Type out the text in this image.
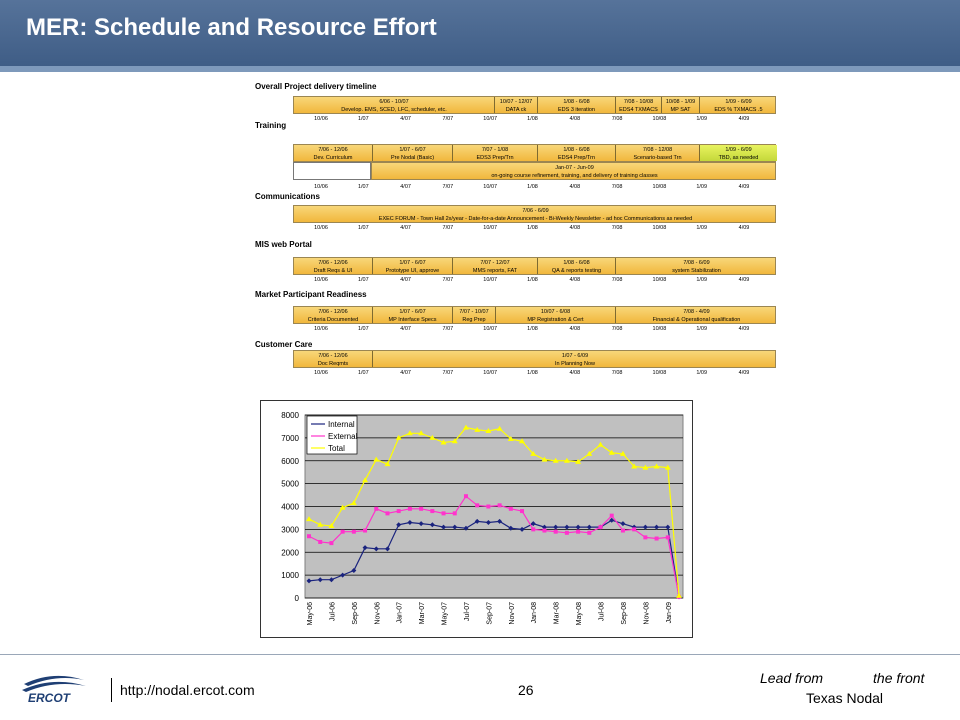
MER: Schedule and Resource Effort
Overall Project delivery timeline
6/06 - 10/07
Develop. EMS, SCED, LFC, scheduler, etc.
10/07 - 12/07
DATA ck
1/08 - 6/08
EDS 3 iteration
7/08 - 10/08
EDS4 TXMACS
10/08 - 1/09
MP SAT
1/09 - 6/09
EDS % TXMACS .5
10/06	1/07	4/07	7/07	10/07	1/08	4/08	7/08	10/08	1/09	4/09
Training
7/06 - 12/06
Dev. Curriculum
1/07 - 6/07
Pre Nodal (Basic)
7/07 - 1/08
EDS3 Prep/Trn
1/08 - 6/08
EDS4 Prep/Trn
7/08 - 12/08
Scenario-based Trn
1/09 - 6/09
TBD, as needed
Jan-07 - Jun-09
on-going course refinement, training, and delivery of training classes
10/06	1/07	4/07	7/07	10/07	1/08	4/08	7/08	10/08	1/09	4/09
Communications
7/06 - 6/09
EXEC FORUM - Town Hall 2x/year - Date-for-a-date Announcement - Bi-Weekly Newsletter - ad hoc Communications as needed
10/06	1/07	4/07	7/07	10/07	1/08	4/08	7/08	10/08	1/09	4/09
MIS web Portal
7/06 - 12/06
Draft Reqs & UI
1/07 - 6/07
Prototype UI, approve
7/07 - 12/07
MMS reports, FAT
1/08 - 6/08
QA & reports testing
7/08 - 6/09
system Stabilization
10/06	1/07	4/07	7/07	10/07	1/08	4/08	7/08	10/08	1/09	4/09
Market Participant Readiness
7/06 - 12/06
Criteria Documented
1/07 - 6/07
MP Interface Specs
7/07 - 10/07
Reg Prep
10/07 - 6/08
MP Registration & Cert
7/08 - 4/09
Financial & Operational qualification
10/06	1/07	4/07	7/07	10/07	1/08	4/08	7/08	10/08	1/09	4/09
Customer Care
7/06 - 12/06
Doc Reqmts
1/07 - 6/09
In Planning Now
10/06	1/07	4/07	7/07	10/07	1/08	4/08	7/08	10/08	1/09	4/09
0
1000
2000
3000
4000
5000
6000
7000
8000
May-06 Jul-06 Sep-06 Nov-06 Jan-07 Mar-07 May-07 Jul-07 Sep-07 Nov-07 Jan-08 Mar-08 May-08 Jul-08 Sep-08 Nov-08 Jan-09
Internal
External
Total
ERCOT	http://nodal.ercot.com	26
Lead from	the front
Texas Nodal
